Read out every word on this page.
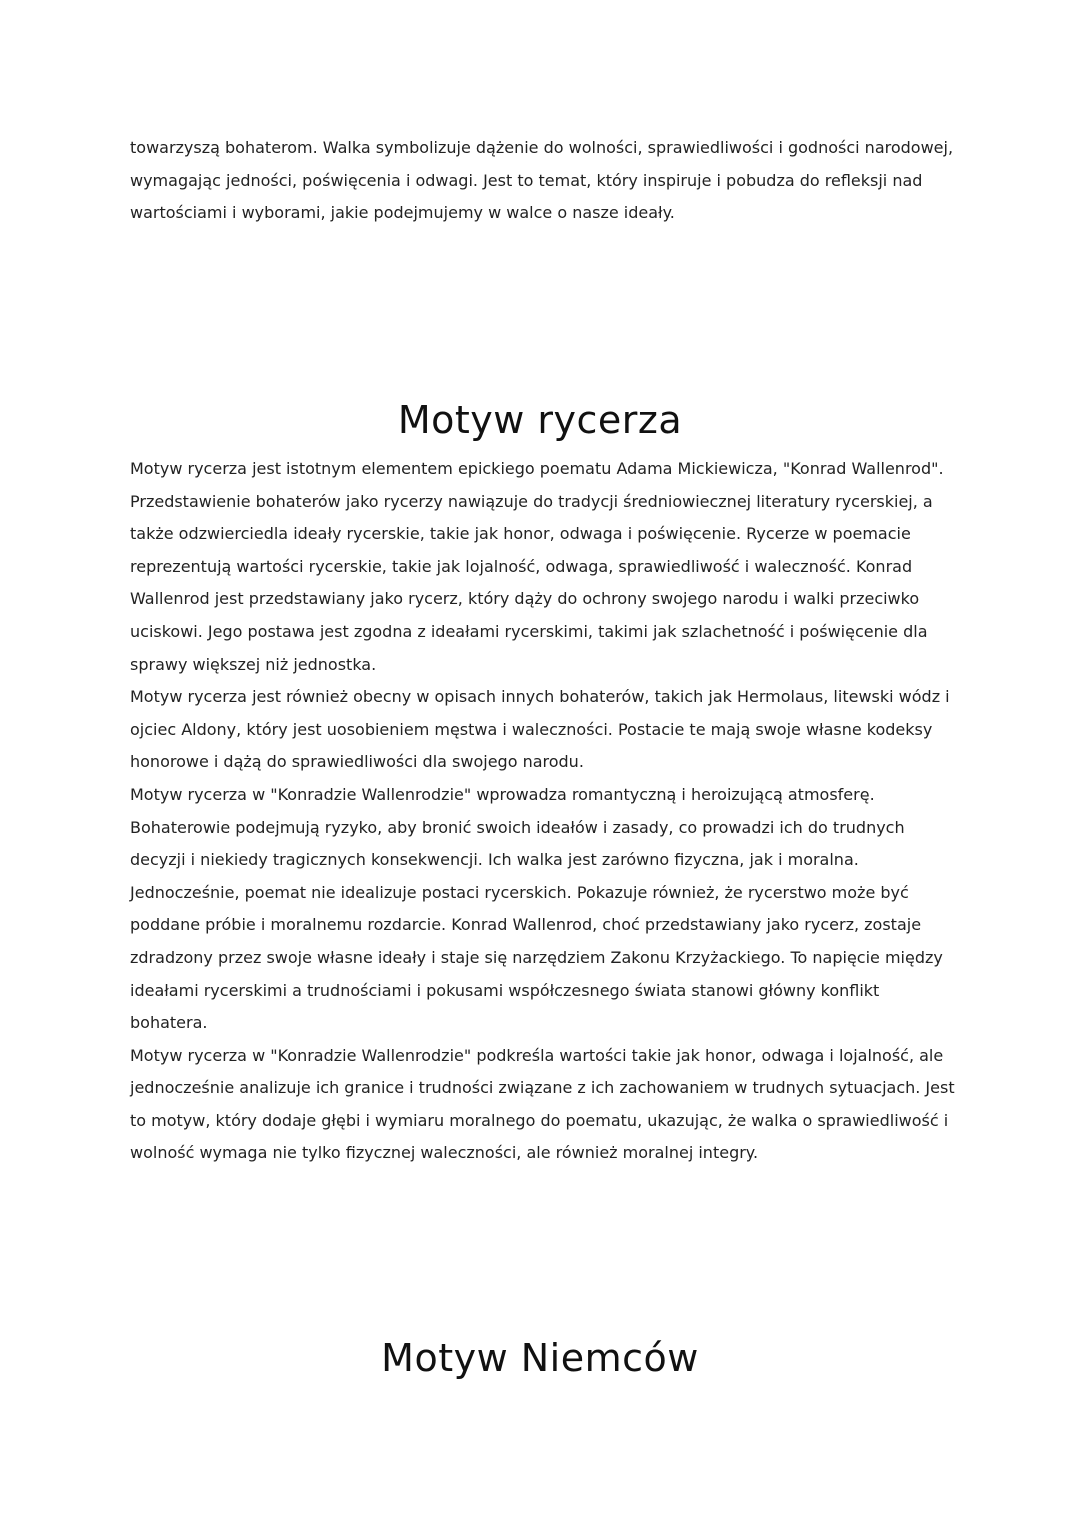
towarzyszą bohaterom. Walka symbolizuje dążenie do wolności, sprawiedliwości i godności narodowej, wymagając jedności, poświęcenia i odwagi. Jest to temat, który inspiruje i pobudza do refleksji nad wartościami i wyborami, jakie podejmujemy w walce o nasze ideały.

Motyw rycerza

Motyw rycerza jest istotnym elementem epickiego poematu Adama Mickiewicza, "Konrad Wallenrod". Przedstawienie bohaterów jako rycerzy nawiązuje do tradycji średniowiecznej literatury rycerskiej, a także odzwierciedla ideały rycerskie, takie jak honor, odwaga i poświęcenie. Rycerze w poemacie reprezentują wartości rycerskie, takie jak lojalność, odwaga, sprawiedliwość i waleczność. Konrad Wallenrod jest przedstawiany jako rycerz, który dąży do ochrony swojego narodu i walki przeciwko uciskowi. Jego postawa jest zgodna z ideałami rycerskimi, takimi jak szlachetność i poświęcenie dla sprawy większej niż jednostka.

Motyw rycerza jest również obecny w opisach innych bohaterów, takich jak Hermolaus, litewski wódz i ojciec Aldony, który jest uosobieniem męstwa i waleczności. Postacie te mają swoje własne kodeksy honorowe i dążą do sprawiedliwości dla swojego narodu.

Motyw rycerza w "Konradzie Wallenrodzie" wprowadza romantyczną i heroizującą atmosferę. Bohaterowie podejmują ryzyko, aby bronić swoich ideałów i zasady, co prowadzi ich do trudnych decyzji i niekiedy tragicznych konsekwencji. Ich walka jest zarówno fizyczna, jak i moralna. Jednocześnie, poemat nie idealizuje postaci rycerskich. Pokazuje również, że rycerstwo może być poddane próbie i moralnemu rozdarcie. Konrad Wallenrod, choć przedstawiany jako rycerz, zostaje zdradzony przez swoje własne ideały i staje się narzędziem Zakonu Krzyżackiego. To napięcie między ideałami rycerskimi a trudnościami i pokusami współczesnego świata stanowi główny konflikt bohatera.

Motyw rycerza w "Konradzie Wallenrodzie" podkreśla wartości takie jak honor, odwaga i lojalność, ale jednocześnie analizuje ich granice i trudności związane z ich zachowaniem w trudnych sytuacjach. Jest to motyw, który dodaje głębi i wymiaru moralnego do poematu, ukazując, że walka o sprawiedliwość i wolność wymaga nie tylko fizycznej waleczności, ale również moralnej integry.

Motyw Niemców
